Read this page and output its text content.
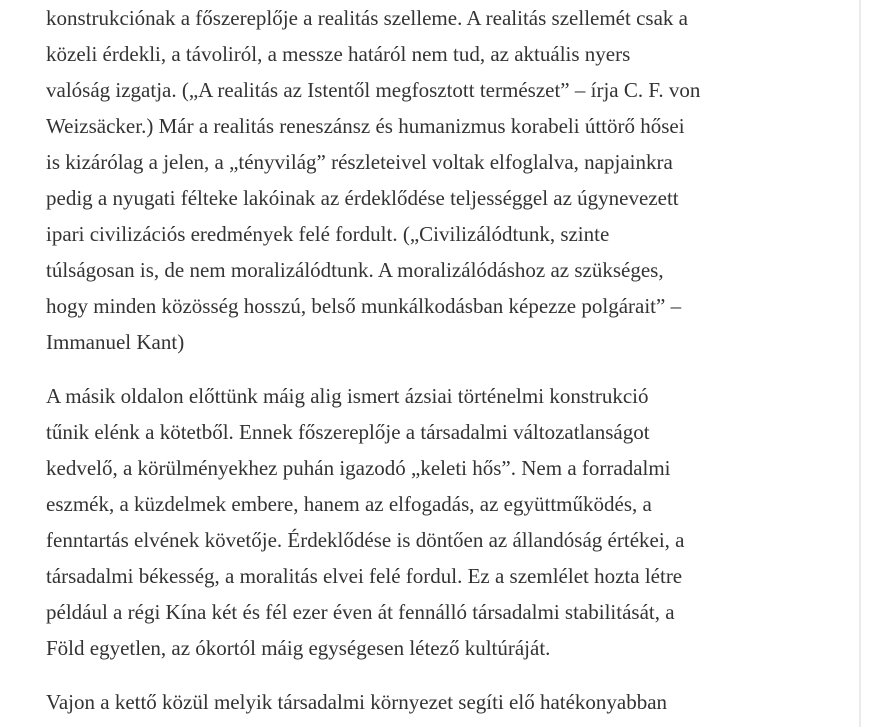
konstrukciónak a főszereplője a realitás szelleme. A realitás szellemét csak a
közeli érdekli, a távoliról, a messze határól nem tud, az aktuális nyers
valóság izgatja. („A realitás az Istentől megfosztott természet” – írja C. F. von
Weizsäcker.) Már a realitás reneszánsz és humanizmus korabeli úttörő hősei
is kizárólag a jelen, a „tényvilág” részleteivel voltak elfoglalva, napjainkra
pedig a nyugati félteke lakóinak az érdeklődése teljességgel az úgynevezett
ipari civilizációs eredmények felé fordult. („Civilizálódtunk, szinte
túlságosan is, de nem moralizálódtunk. A moralizálódáshoz az szükséges,
hogy minden közösség hosszú, belső munkálkodásban képezze polgárait” –
Immanuel Kant)

A másik oldalon előttünk máig alig ismert ázsiai történelmi konstrukció
tűnik elénk a kötetből. Ennek főszereplője a társadalmi változatlanságot
kedvelő, a körülményekhez puhán igazodó „keleti hős”. Nem a forradalmi
eszmék, a küzdelmek embere, hanem az elfogadás, az együttműködés, a
fenntartás elvének követője. Érdeklődése is döntően az állandóság értékei, a
társadalmi békesség, a moralitás elvei felé fordul. Ez a szemlélet hozta létre
például a régi Kína két és fél ezer éven át fennálló társadalmi stabilitását, a
Föld egyetlen, az ókortól máig egységesen létező kultúráját.

Vajon a kettő közül melyik társadalmi környezet segíti elő hatékonyabban
